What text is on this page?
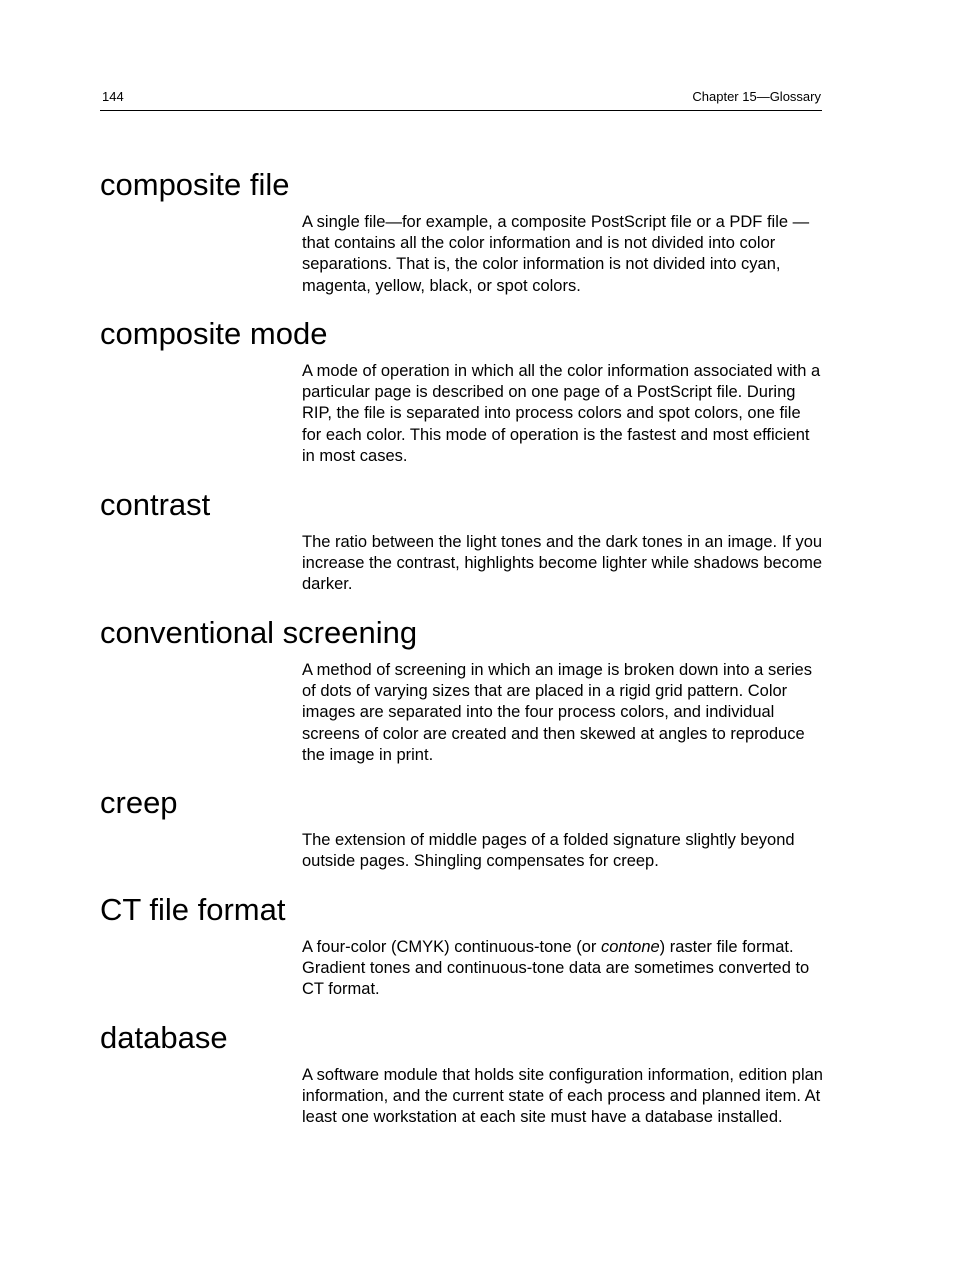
144	Chapter 15—Glossary
composite file

A single file—for example, a composite PostScript file or a PDF file —that contains all the color information and is not divided into color separations. That is, the color information is not divided into cyan, magenta, yellow, black, or spot colors.

composite mode

A mode of operation in which all the color information associated with a particular page is described on one page of a PostScript file. During RIP, the file is separated into process colors and spot colors, one file for each color. This mode of operation is the fastest and most efficient in most cases.

contrast

The ratio between the light tones and the dark tones in an image. If you increase the contrast, highlights become lighter while shadows become darker.

conventional screening

A method of screening in which an image is broken down into a series of dots of varying sizes that are placed in a rigid grid pattern. Color images are separated into the four process colors, and individual screens of color are created and then skewed at angles to reproduce the image in print.

creep

The extension of middle pages of a folded signature slightly beyond outside pages. Shingling compensates for creep.

CT file format

A four-color (CMYK) continuous-tone (or contone) raster file format. Gradient tones and continuous-tone data are sometimes converted to CT format.

database

A software module that holds site configuration information, edition plan information, and the current state of each process and planned item. At least one workstation at each site must have a database installed.
